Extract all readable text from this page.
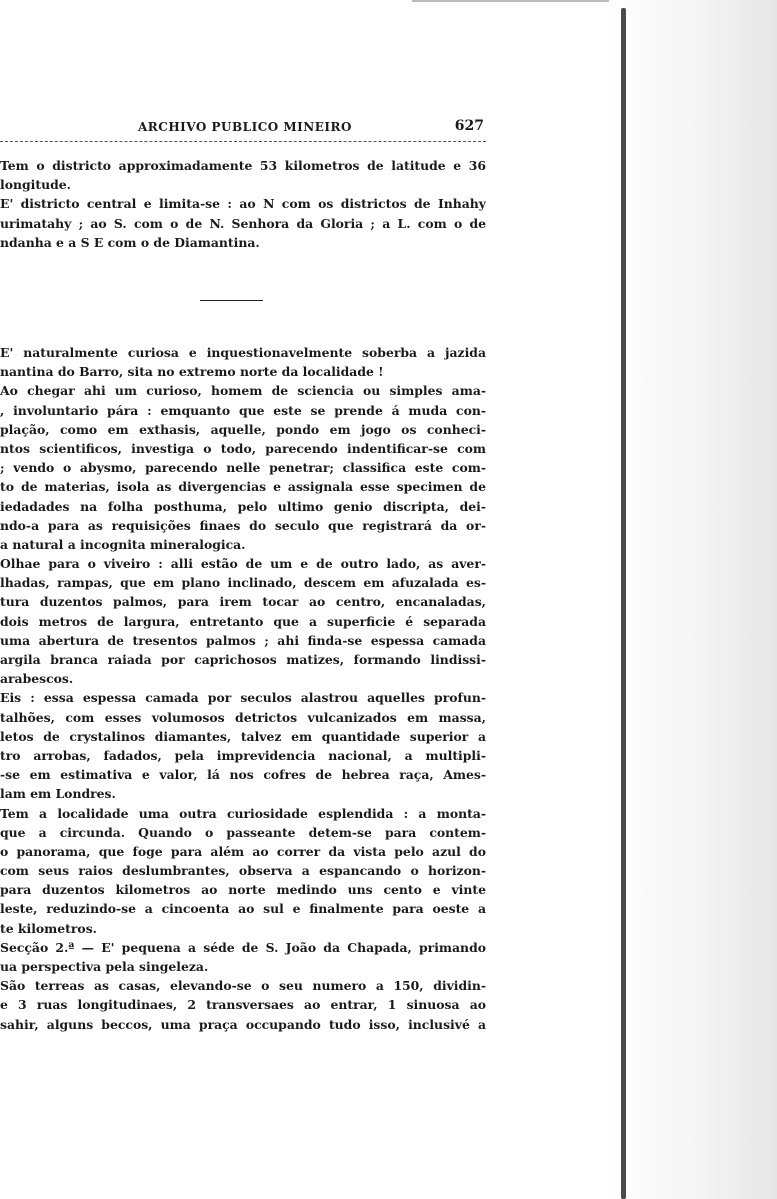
ARCHIVO PUBLICO MINEIRO	627
Tem o districto approximadamente 53 kilometros de latitude e 36
longitude.
E' districto central e limita-se : ao N com os districtos de Inhahy
urimatahy ; ao S. com o de N. Senhora da Gloria ; a L. com o de
ndanha e a S E com o de Diamantina.
E' naturalmente curiosa e inquestionavelmente soberba a jazida
nantina do Barro, sita no extremo norte da localidade !
Ao chegar ahi um curioso, homem de sciencia ou simples ama-
, involuntario pára : emquanto que este se prende á muda con-
plação, como em exthasis, aquelle, pondo em jogo os conheci-
ntos scientificos, investiga o todo, parecendo indentificar-se com
; vendo o abysmo, parecendo nelle penetrar; classifica este com-
to de materias, isola as divergencias e assignala esse specimen de
iedadades na folha posthuma, pelo ultimo genio discripta, dei-
ndo-a para as requisições finaes do seculo que registrará da or-
a natural a incognita mineralogica.
Olhae para o viveiro : alli estão de um e de outro lado, as aver-
lhadas, rampas, que em plano inclinado, descem em afuzalada es-
tura duzentos palmos, para irem tocar ao centro, encanaladas,
dois metros de largura, entretanto que a superficie é separada
uma abertura de tresentos palmos ; ahi finda-se espessa camada
argila branca raiada por caprichosos matizes, formando lindissi-
arabescos.
Eis : essa espessa camada por seculos alastrou aquelles profun-
talhões, com esses volumosos detrictos vulcanizados em massa,
letos de crystalinos diamantes, talvez em quantidade superior a
tro arrobas, fadados, pela imprevidencia nacional, a multipli-
-se em estimativa e valor, lá nos cofres de hebrea raça, Ames-
lam em Londres.
Tem a localidade uma outra curiosidade esplendida : a monta-
que a circunda. Quando o passeante detem-se para contem-
o panorama, que foge para além ao correr da vista pelo azul do
com seus raios deslumbrantes, observa a espancando o horizon-
para duzentos kilometros ao norte medindo uns cento e vinte
leste, reduzindo-se a cincoenta ao sul e finalmente para oeste a
te kilometros.
Secção 2.ª — E' pequena a séde de S. João da Chapada, primando
ua perspectiva pela singeleza.
São terreas as casas, elevando-se o seu numero a 150, dividin-
e 3 ruas longitudinaes, 2 transversaes ao entrar, 1 sinuosa ao
sahir, alguns beccos, uma praça occupando tudo isso, inclusivé a
